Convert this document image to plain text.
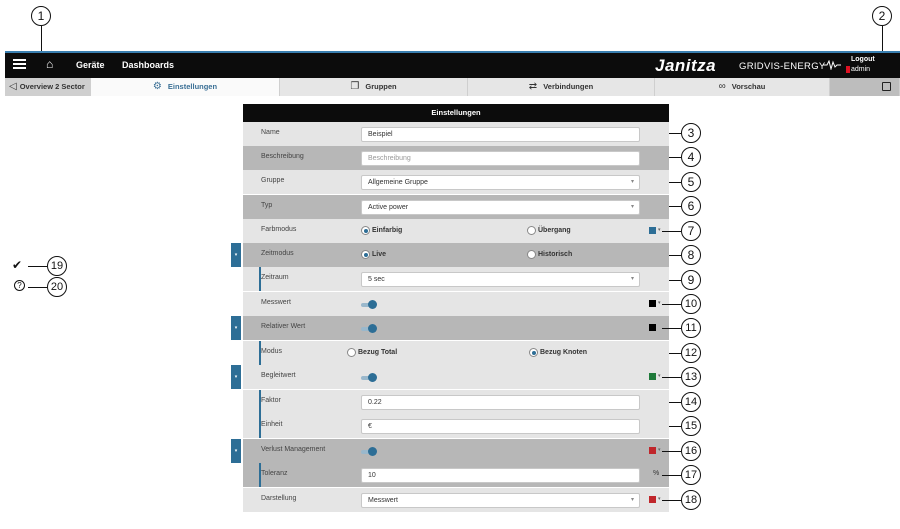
1	2
⌂	Geräte Dashboards	Janitza GRIDVIS-ENERGY
Logout
admin
◁ Overview 2 Sector	⚙ Einstellungen	❐ Gruppen	⇄ Verbindungen	∞ Vorschau
Einstellungen
Name	Beispiel
Beschreibung	Beschreibung
Gruppe	Allgemeine Gruppe	▾
Typ	Active power	▾
Farbmodus	Einfarbig	Übergang	▾
▾	Zeitmodus	Live	Historisch
Zeitraum	5 sec	▾
Messwert	▾
▾	Relativer Wert
Modus	Bezug Total	Bezug Knoten
▾	Begleitwert	▾
Faktor	0.22
Einheit	€
▾	Verlust Management	▾
Toleranz	10	%
Darstellung	Messwert	▾	▾
3
4
5
6
7
8
9
10
11
12
13
14
15
16
17
18
✔	19
?	20
